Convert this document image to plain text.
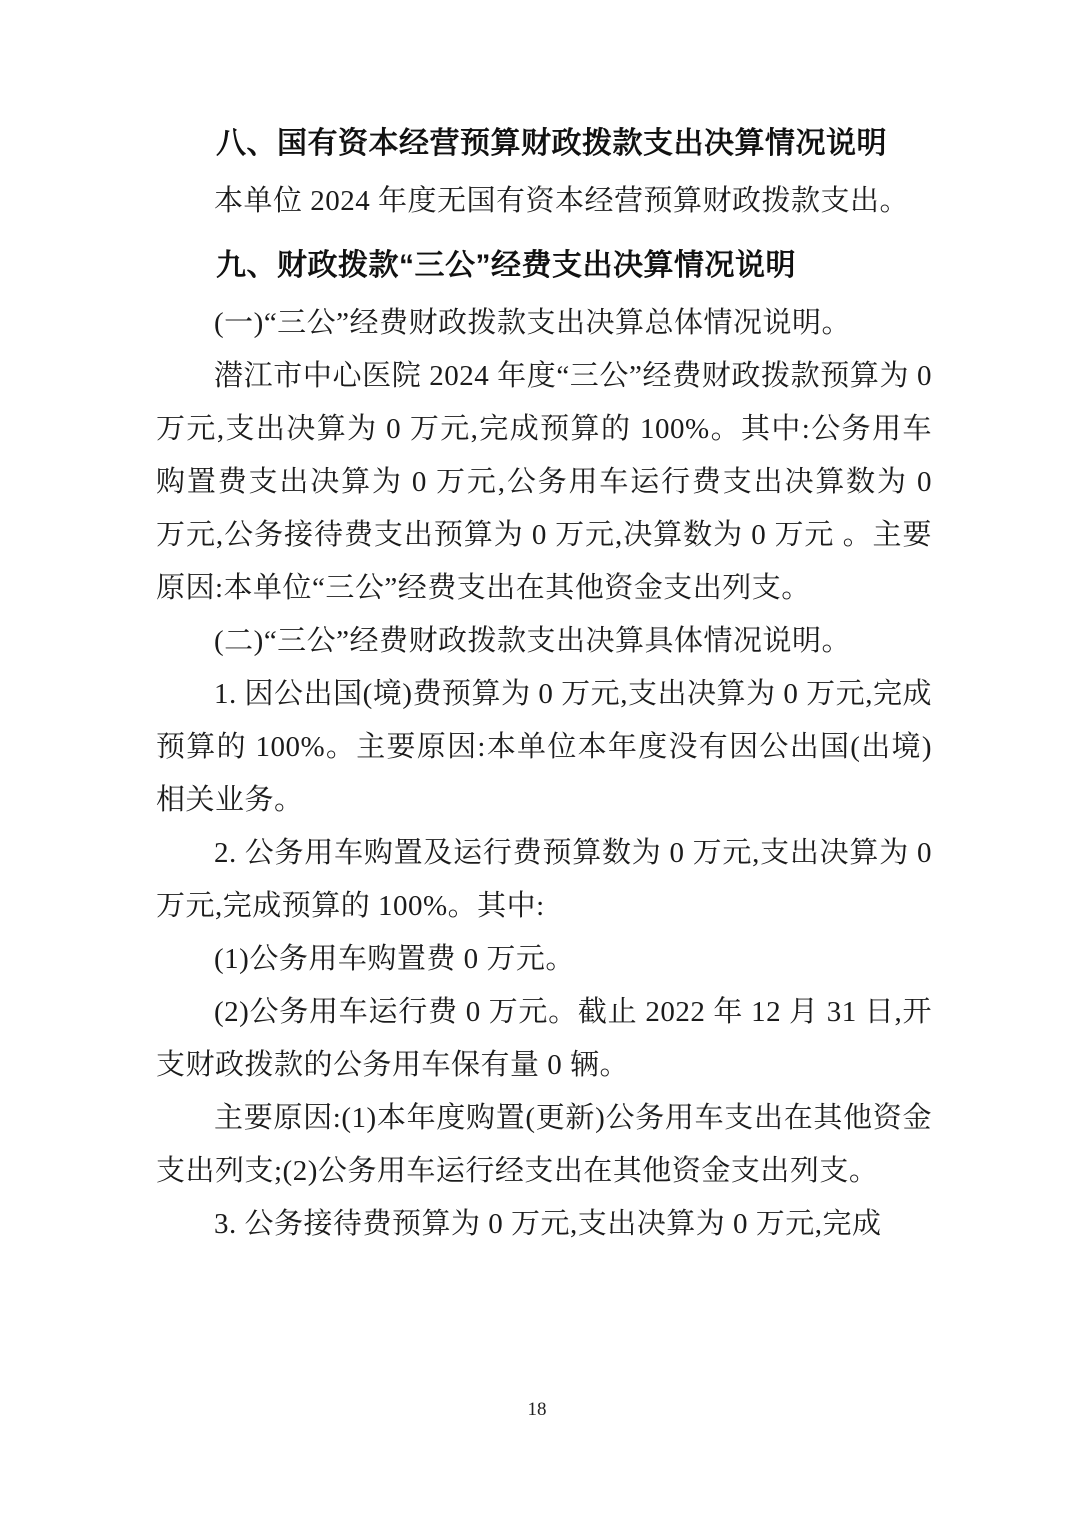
八、国有资本经营预算财政拨款支出决算情况说明

本单位 2024 年度无国有资本经营预算财政拨款支出。

九、财政拨款“三公”经费支出决算情况说明

(一)“三公”经费财政拨款支出决算总体情况说明。

潜江市中心医院 2024 年度“三公”经费财政拨款预算为 0 万元,支出决算为 0 万元,完成预算的 100%。其中:公务用车购置费支出决算为 0 万元,公务用车运行费支出决算数为 0 万元,公务接待费支出预算为 0 万元,决算数为 0 万元 。主要原因:本单位“三公”经费支出在其他资金支出列支。

(二)“三公”经费财政拨款支出决算具体情况说明。

1. 因公出国(境)费预算为 0 万元,支出决算为 0 万元,完成预算的 100%。主要原因:本单位本年度没有因公出国(出境)相关业务。

2. 公务用车购置及运行费预算数为 0 万元,支出决算为 0 万元,完成预算的 100%。其中:

(1)公务用车购置费 0 万元。

(2)公务用车运行费 0 万元。截止 2022 年 12 月 31 日,开支财政拨款的公务用车保有量 0 辆。

主要原因:(1)本年度购置(更新)公务用车支出在其他资金支出列支;(2)公务用车运行经支出在其他资金支出列支。

3. 公务接待费预算为 0 万元,支出决算为 0 万元,完成

18
